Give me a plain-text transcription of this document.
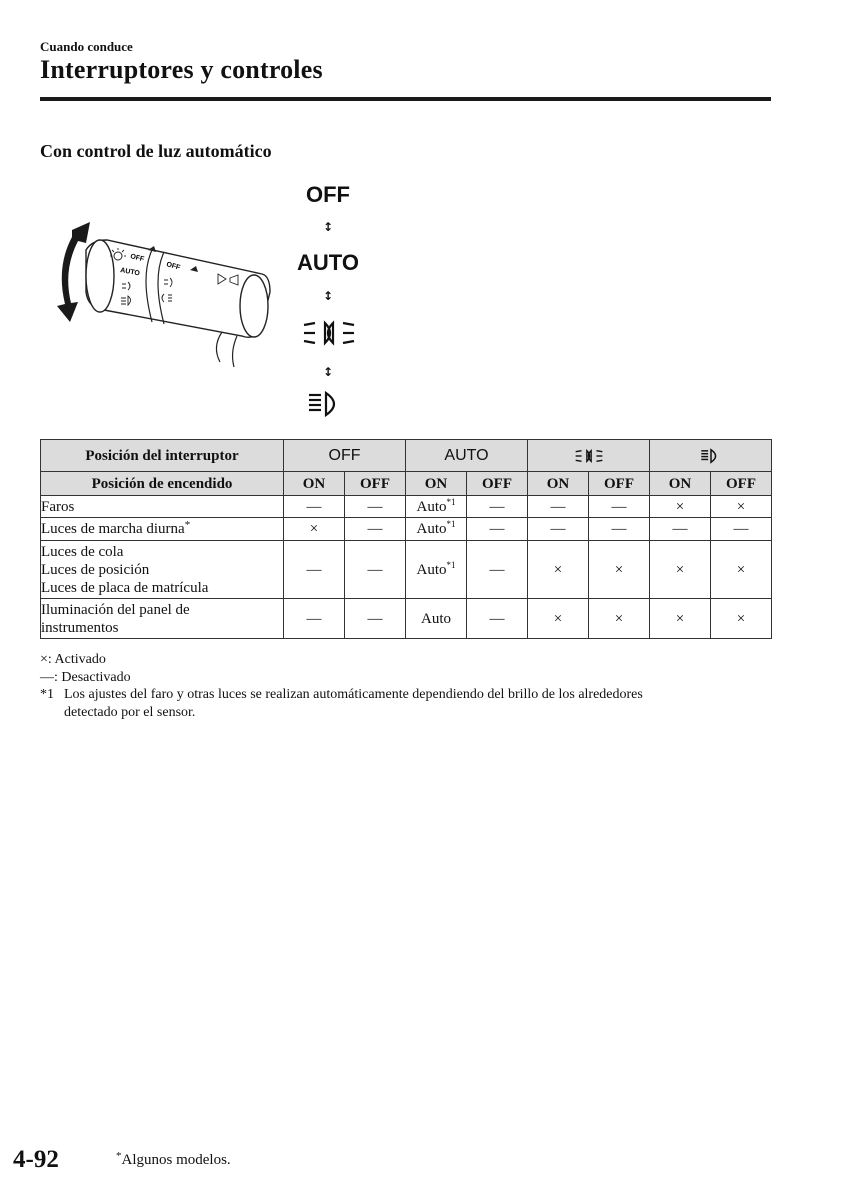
Cuando conduce
Interruptores y controles
Con control de luz automático
OFF
AUTO
OFF
OFF
↕
AUTO
↕
↕
Posición del interruptor	OFF		AUTO		
Posición de encendido	ON	OFF	ON	OFF	ON	OFF	ON	OFF
Faros	—	—	Auto$^{*1}$	—	—	—	×	×
Luces de marcha diurna*	×	—	Auto$^{*1}$	—	—	—	—	—

Luces de cola
Luces de posición
Luces de placa de matrícula	—	—	Auto$^{*1}$	—	×	×	×	×

Iluminación del panel de
instrumentos	—	—	Auto	—	×	×	×	×
×: Activado
—: Desactivado
*1 Los ajustes del faro y otras luces se realizan automáticamente dependiendo del brillo de los alrededores
detectado por el sensor.
4-92	*Algunos modelos.
